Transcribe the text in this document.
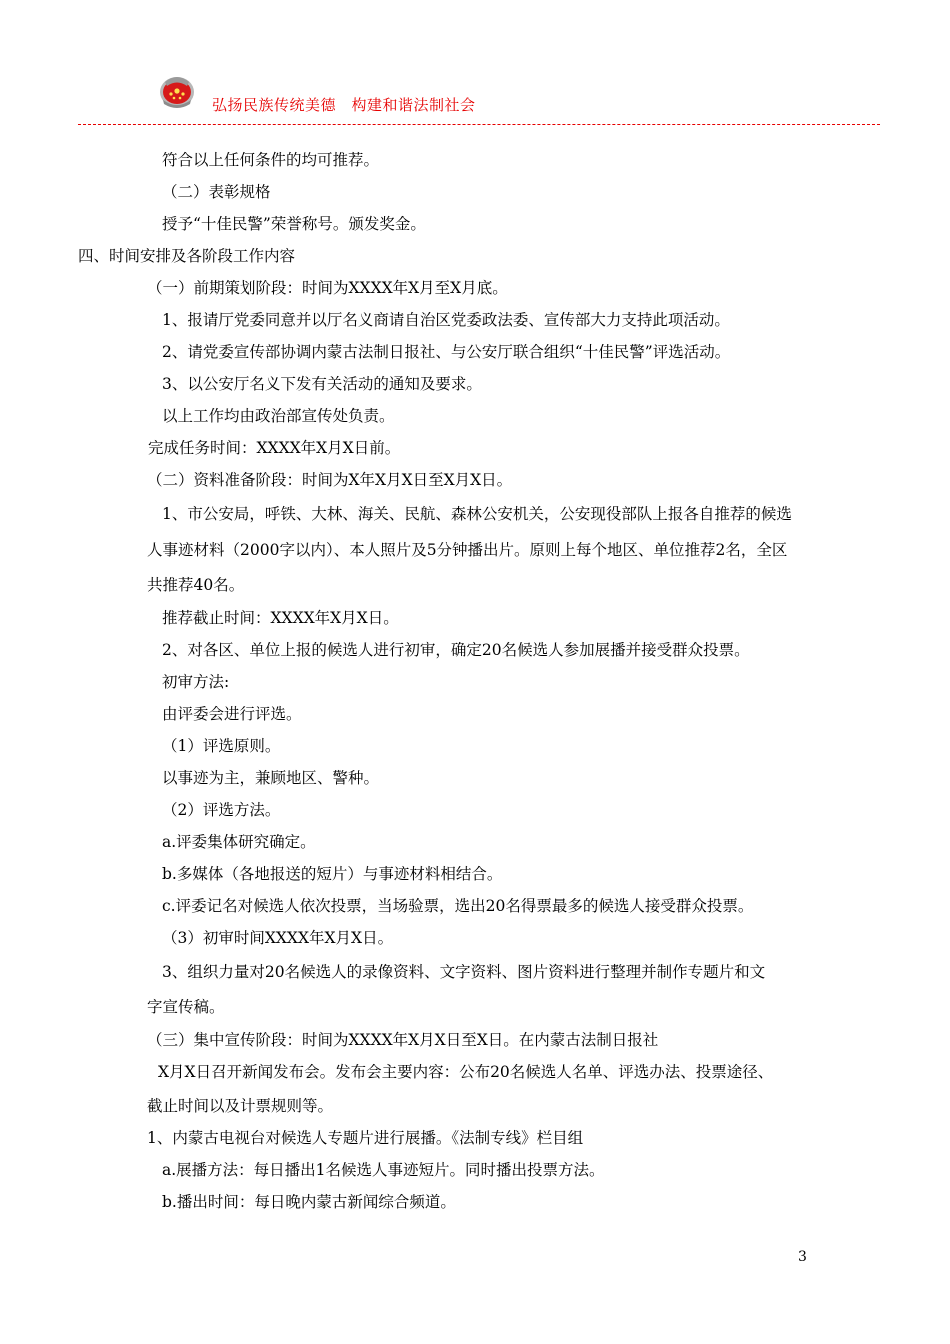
弘扬民族传统美德　构建和谐法制社会
符合以上任何条件的均可推荐。
（二）表彰规格
授予“十佳民警”荣誉称号。颁发奖金。
四、时间安排及各阶段工作内容
（一）前期策划阶段：时间为XXXX年X月至X月底。
1、报请厅党委同意并以厅名义商请自治区党委政法委、宣传部大力支持此项活动。
2、请党委宣传部协调内蒙古法制日报社、与公安厅联合组织“十佳民警”评选活动。
3、以公安厅名义下发有关活动的通知及要求。
以上工作均由政治部宣传处负责。
完成任务时间：XXXX年X月X日前。
（二）资料准备阶段：时间为X年X月X日至X月X日。
1、市公安局，呼铁、大林、海关、民航、森林公安机关，公安现役部队上报各自推荐的候选
人事迹材料（2000字以内）、本人照片及5分钟播出片。原则上每个地区、单位推荐2名，全区
共推荐40名。
推荐截止时间：XXXX年X月X日。
2、对各区、单位上报的候选人进行初审，确定20名候选人参加展播并接受群众投票。
初审方法:
由评委会进行评选。
（1）评选原则。
以事迹为主，兼顾地区、警种。
（2）评选方法。
a.评委集体研究确定。
b.多媒体（各地报送的短片）与事迹材料相结合。
c.评委记名对候选人依次投票，当场验票，选出20名得票最多的候选人接受群众投票。
（3）初审时间XXXX年X月X日。
3、组织力量对20名候选人的录像资料、文字资料、图片资料进行整理并制作专题片和文
字宣传稿。
（三）集中宣传阶段：时间为XXXX年X月X日至X日。在内蒙古法制日报社
X月X日召开新闻发布会。发布会主要内容：公布20名候选人名单、评选办法、投票途径、
截止时间以及计票规则等。
1、内蒙古电视台对候选人专题片进行展播。《法制专线》栏目组
a.展播方法：每日播出1名候选人事迹短片。同时播出投票方法。
b.播出时间：每日晚内蒙古新闻综合频道。
3
